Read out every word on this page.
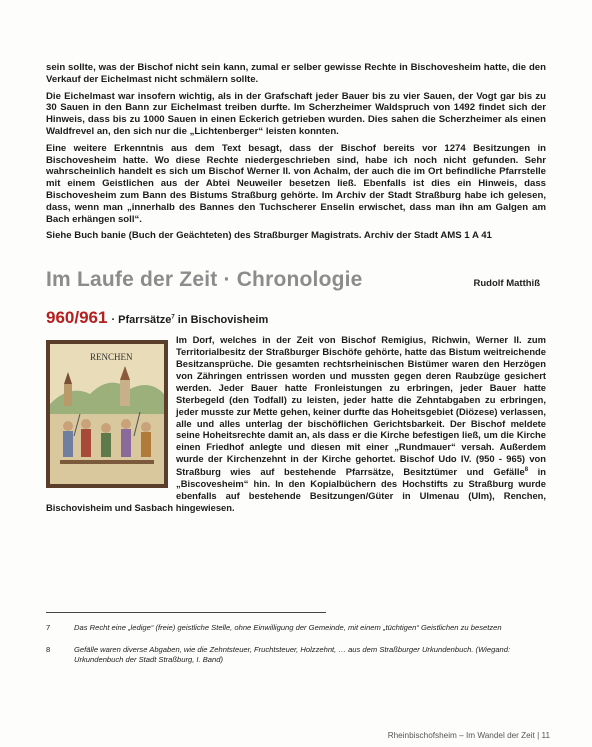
sein sollte, was der Bischof nicht sein kann, zumal er selber gewisse Rechte in Bischovesheim hatte, die den Verkauf der Eichelmast nicht schmälern sollte.

Die Eichelmast war insofern wichtig, als in der Grafschaft jeder Bauer bis zu vier Sauen, der Vogt gar bis zu 30 Sauen in den Bann zur Eichelmast treiben durfte. Im Scherzheimer Waldspruch von 1492 findet sich der Hinweis, dass bis zu 1000 Sauen in einen Eckerich getrieben wurden. Dies sahen die Scherzheimer als einen Waldfrevel an, den sich nur die „Lichtenberger“ leisten konnten.

Eine weitere Erkenntnis aus dem Text besagt, dass der Bischof bereits vor 1274 Besitzungen in Bischovesheim hatte. Wo diese Rechte niedergeschrieben sind, habe ich noch nicht gefunden. Sehr wahrscheinlich handelt es sich um Bischof Werner II. von Achalm, der auch die im Ort befindliche Pfarrstelle mit einem Geistlichen aus der Abtei Neuweiler besetzen ließ. Ebenfalls ist dies ein Hinweis, dass Bischovesheim zum Bann des Bistums Straßburg gehörte. Im Archiv der Stadt Straßburg habe ich gelesen, dass, wenn man „innerhalb des Bannes den Tuchscherer Enselin erwischet, dass man ihn am Galgen am Bach erhängen soll“.

Siehe Buch banie (Buch der Geächteten) des Straßburger Magistrats. Archiv der Stadt AMS 1 A 41

Im Laufe der Zeit · Chronologie	Rudolf Matthiß
960/961 · Pfarrsätze$^7$ in Bischovisheim
RENCHEN

Im Dorf, welches in der Zeit von Bischof Remigius, Richwin, Werner II. zum Territorialbesitz der Straßburger Bischöfe gehörte, hatte das Bistum weitreichende Besitzansprüche. Die gesamten rechtsrheinischen Bistümer waren den Herzögen von Zähringen entrissen worden und mussten gegen deren Raubzüge gesichert werden. Jeder Bauer hatte Fronleistungen zu erbringen, jeder Bauer hatte Sterbegeld (den Todfall) zu leisten, jeder hatte die Zehntabgaben zu erbringen, jeder musste zur Mette gehen, keiner durfte das Hoheitsgebiet (Diözese) verlassen, alle und alles unterlag der bischöflichen Gerichtsbarkeit. Der Bischof meldete seine Hoheitsrechte damit an, als dass er die Kirche befestigen ließ, um die Kirche einen Friedhof anlegte und diesen mit einer „Rundmauer“ versah. Außerdem wurde der Kirchenzehnt in der Kirche gehortet. Bischof Udo IV. (950 - 965) von Straßburg wies auf bestehende Pfarrsätze, Besitztümer und Gefälle$^8$ in „Biscovesheim“ hin. In den Kopialbüchern des Hochstifts zu Straßburg wurde ebenfalls auf bestehende Besitzungen/Güter in Ulmenau (Ulm), Renchen, Bischovisheim und Sasbach hingewiesen.

7	Das Recht eine „ledige“ (freie) geistliche Stelle, ohne Einwilligung der Gemeinde, mit einem „tüchtigen“ Geistlichen zu besetzen
8	Gefälle waren diverse Abgaben, wie die Zehntsteuer, Fruchtsteuer, Holzzehnt, … aus dem Straßburger Urkundenbuch. (Wiegand: Urkundenbuch der Stadt Straßburg, I. Band)
Rheinbischofsheim – Im Wandel der Zeit | 11
